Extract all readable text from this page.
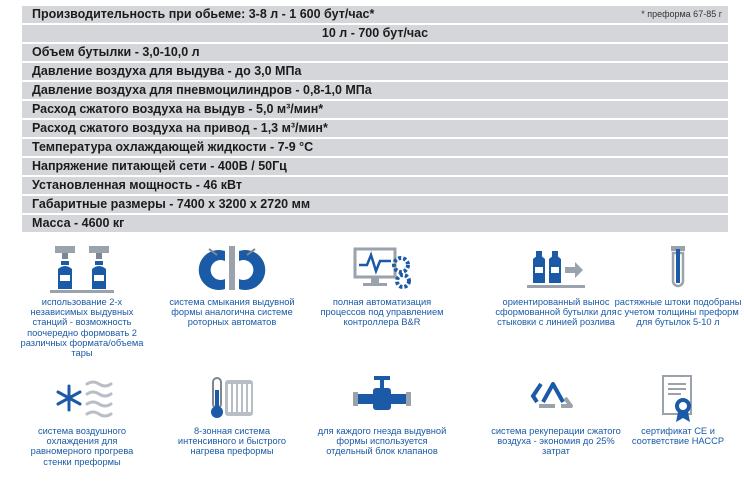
Производительность при обьеме: 3-8 л - 1 600 бут/час*	* преформа 67-85 г
10 л - 700 бут/час
Объем бутылки - 3,0-10,0 л
Давление воздуха для выдува - до 3,0 МПа
Давление воздуха для пневмоцилиндров - 0,8-1,0 МПа
Расход сжатого воздуха на выдув - 5,0 м³/мин*
Расход сжатого воздуха на привод - 1,3 м³/мин*
Температура охлаждающей жидкости - 7-9 °С
Напряжение питающей сети - 400В / 50Гц
Установленная мощность - 46 кВт
Габаритные размеры - 7400 х 3200 х 2720 мм
Масса - 4600 кг
использование 2-х независимых выдувных станций - возможность поочередно формовать 2 различных формата/объема тары
система смыкания выдувной формы аналогична системе роторных автоматов
полная автоматизация процессов под управлением контроллера B&R
ориентированный вынос сформованной бутылки для стыковки с линией розлива
растяжные штоки подобраны с учетом толщины преформ для бутылок 5-10 л
система воздушного охлаждения для равномерного прогрева стенки преформы
8-зонная система интенсивного и быстрого нагрева преформы
для каждого гнезда выдувной формы используется отдельный блок клапанов
система рекуперации сжатого воздуха - экономия до 25% затрат
сертификат СЕ и соответствие НАССР
